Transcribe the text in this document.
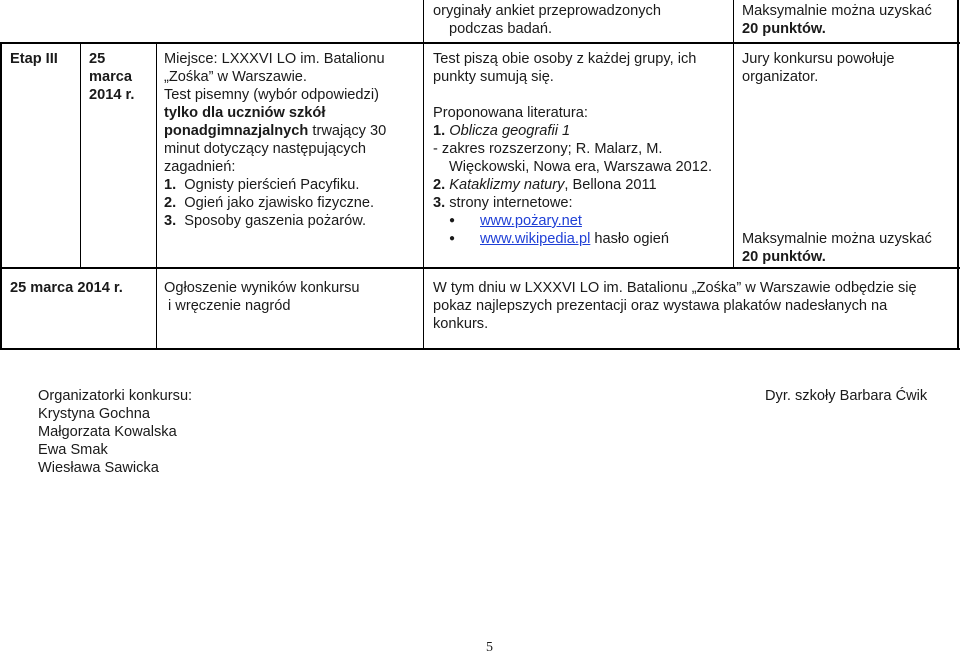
oryginały ankiet przeprowadzonych
podczas badań.
Maksymalnie można uzyskać
20 punktów.
Etap III 25
marca
2014 r.
Miejsce: LXXXVI LO im. Batalionu
„Zośka” w Warszawie.
Test pisemny (wybór odpowiedzi)
tylko dla uczniów szkół
ponadgimnazjalnych trwający 30
minut dotyczący następujących
zagadnień:
1. Ognisty pierścień Pacyfiku.
2. Ogień jako zjawisko fizyczne.
3. Sposoby gaszenia pożarów.
Test piszą obie osoby z każdej grupy, ich
punkty sumują się.
Proponowana literatura:
1. Oblicza geografii 1
- zakres rozszerzony; R. Malarz, M.
Więckowski, Nowa era, Warszawa 2012.
2. Kataklizmy natury, Bellona 2011
3. strony internetowe:
● www.pożary.net
● www.wikipedia.pl hasło ogień
Jury konkursu powołuje
organizator.
Maksymalnie można uzyskać
20 punktów.
25 marca 2014 r.	Ogłoszenie wyników konkursu
i wręczenie nagród
W tym dniu w LXXXVI LO im. Batalionu „Zośka” w Warszawie odbędzie się
pokaz najlepszych prezentacji oraz wystawa plakatów nadesłanych na
konkurs.
Organizatorki konkursu:
Krystyna Gochna
Małgorzata Kowalska
Ewa Smak
Wiesława Sawicka
Dyr. szkoły Barbara Ćwik
5
